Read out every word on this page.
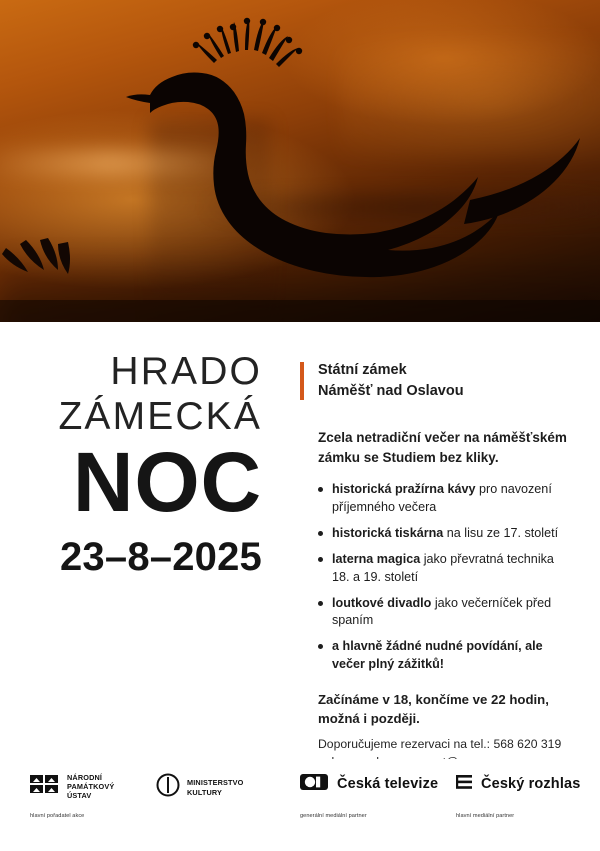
HRADO
ZÁMECKÁ
NOC
23–8–2025
Státní zámek
Náměšť nad Oslavou
Zcela netradiční večer na náměšťském zámku se Studiem bez kliky.
historická pražírna kávy pro navození příjemného večera
historická tiskárna na lisu ze 17. století
laterna magica jako převratná technika 18. a 19. století
loutkové divadlo jako večerníček před spaním
a hlavně žádné nudné povídání, ale večer plný zážitků!
Začínáme v 18, končíme ve 22 hodin, možná i později.
Doporučujeme rezervaci na tel.: 568 620 319
NÁRODNÍ
PAMÁTKOVÝ
ÚSTAV
MINISTERSTVO
KULTURY	Česká televize	Český rozhlas
hlavní pořadatel akce	generální mediální partner	hlavní mediální partner
